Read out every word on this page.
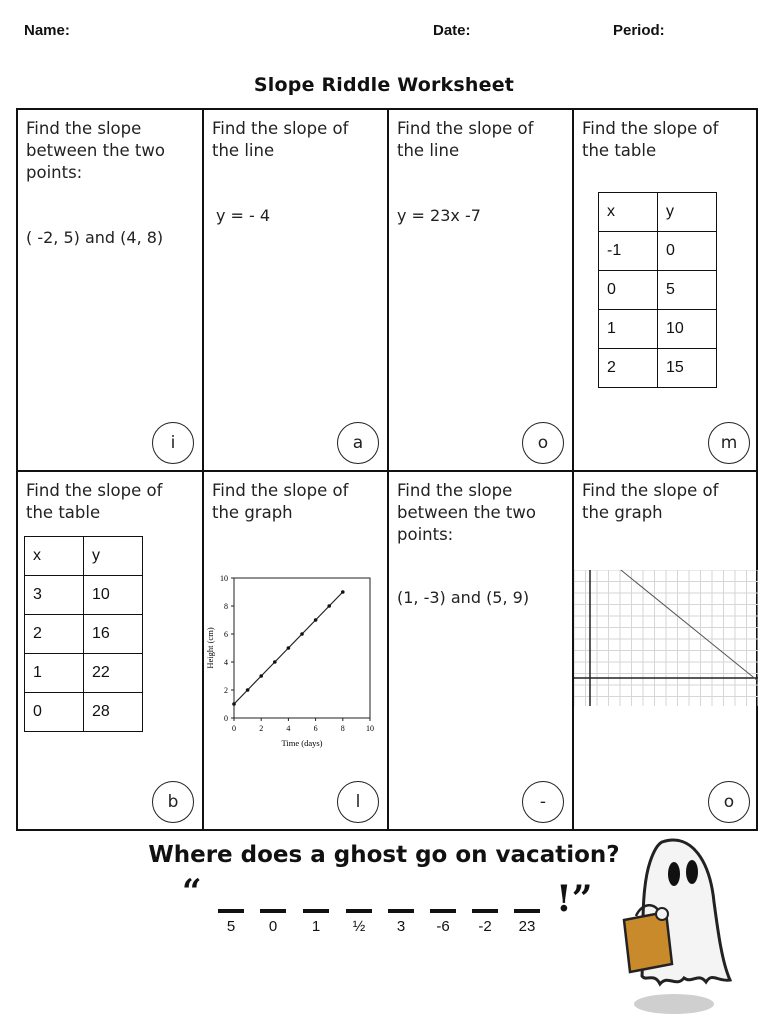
Name:	Date:	Period:
Slope Riddle Worksheet
Find the slope between the two points:
( -2, 5) and (4, 8)
i
Find the slope of the line
y = - 4
a
Find the slope of the line
y = 23x -7
o
Find the slope of the table
x	y
-1	0
0	5
1	10
2	15
m
Find the slope of the table
x	y
3	10
2	16
1	22
0	28
b
Find the slope of the graph
0	2	4	6	8	10
0
2
4
6
8
10
Time (days)
Height (cm)
l
Find the slope between the two points:
(1, -3) and (5, 9)
-
Find the slope of the graph
o
Where does a ghost go on vacation?
“	!”
5	0	1	½	3	-6	-2	23
